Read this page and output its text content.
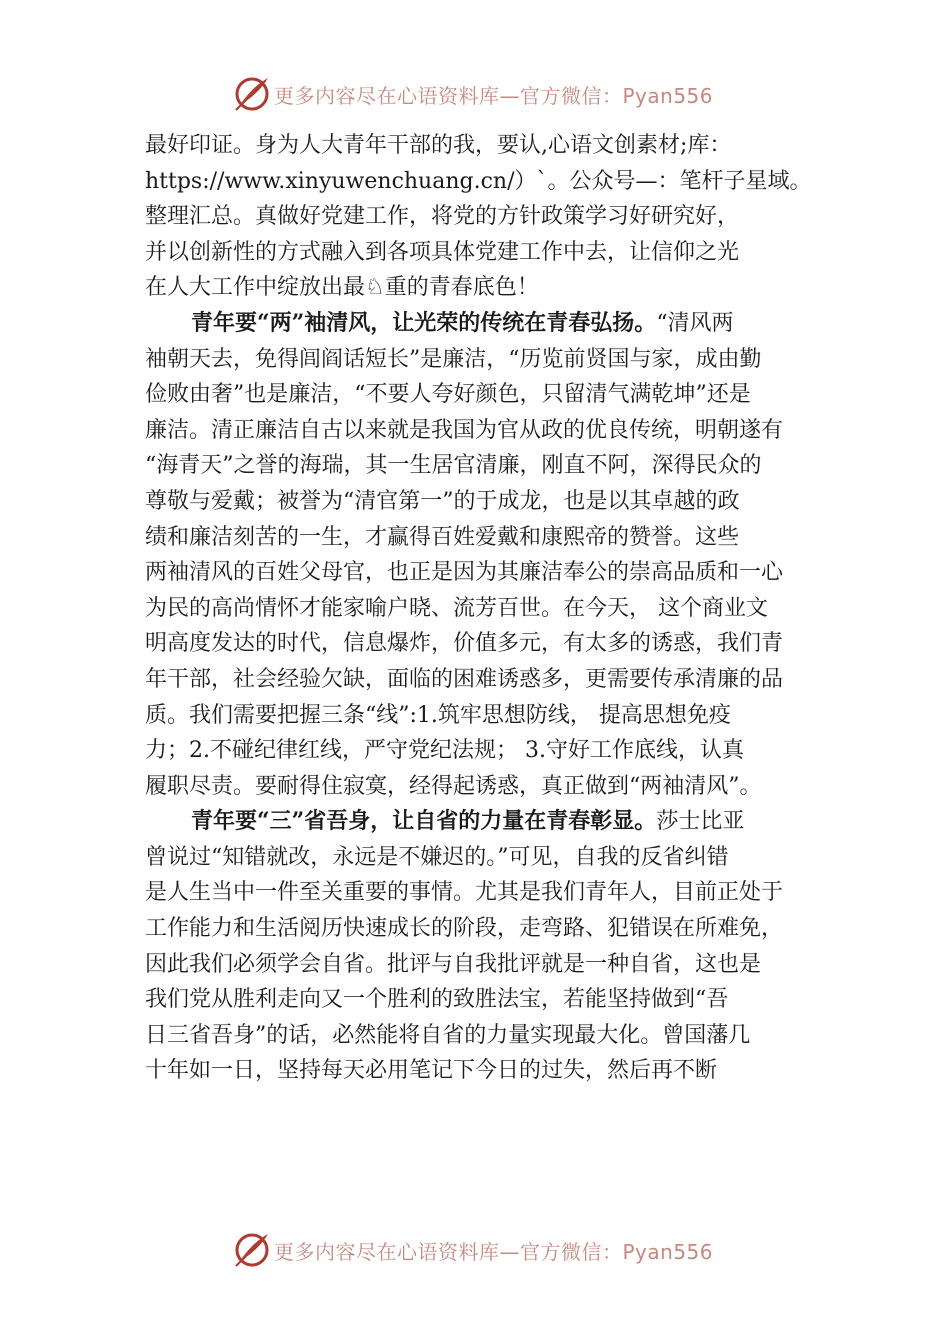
更多内容尽在心语资料库—官方微信：Pyan556
最好印证。身为人大青年干部的我，要认,心语文创素材;库：
https://www.xinyuwenchuang.cn/）`。公众号—：笔杆子星域。
整理汇总。真做好党建工作，将党的方针政策学习好研究好，
并以创新性的方式融入到各项具体党建工作中去，让信仰之光
在人大工作中绽放出最♘重的青春底色！
青年要“两”袖清风，让光荣的传统在青春弘扬。“清风两
袖朝天去，免得闾阎话短长”是廉洁，“历览前贤国与家，成由勤
俭败由奢”也是廉洁，“不要人夸好颜色，只留清气满乾坤”还是
廉洁。清正廉洁自古以来就是我国为官从政的优良传统，明朝遂有
“海青天”之誉的海瑞，其一生居官清廉，刚直不阿，深得民众的
尊敬与爱戴；被誉为“清官第一”的于成龙，也是以其卓越的政
绩和廉洁刻苦的一生，才赢得百姓爱戴和康熙帝的赞誉。这些
两袖清风的百姓父母官，也正是因为其廉洁奉公的崇高品质和一心
为民的高尚情怀才能家喻户晓、流芳百世。在今天， 这个商业文
明高度发达的时代，信息爆炸，价值多元，有太多的诱惑，我们青
年干部，社会经验欠缺，面临的困难诱惑多，更需要传承清廉的品
质。我们需要把握三条“线”:1.筑牢思想防线， 提高思想免疫
力；2.不碰纪律红线，严守党纪法规； 3.守好工作底线，认真
履职尽责。要耐得住寂寞，经得起诱惑，真正做到“两袖清风”。
青年要“三”省吾身，让自省的力量在青春彰显。莎士比亚
曾说过“知错就改，永远是不嫌迟的。”可见，自我的反省纠错
是人生当中一件至关重要的事情。尤其是我们青年人，目前正处于
工作能力和生活阅历快速成长的阶段，走弯路、犯错误在所难免，
因此我们必须学会自省。批评与自我批评就是一种自省，这也是
我们党从胜利走向又一个胜利的致胜法宝，若能坚持做到“吾
日三省吾身”的话，必然能将自省的力量实现最大化。曾国藩几
十年如一日，坚持每天必用笔记下今日的过失，然后再不断
更多内容尽在心语资料库—官方微信：Pyan556
